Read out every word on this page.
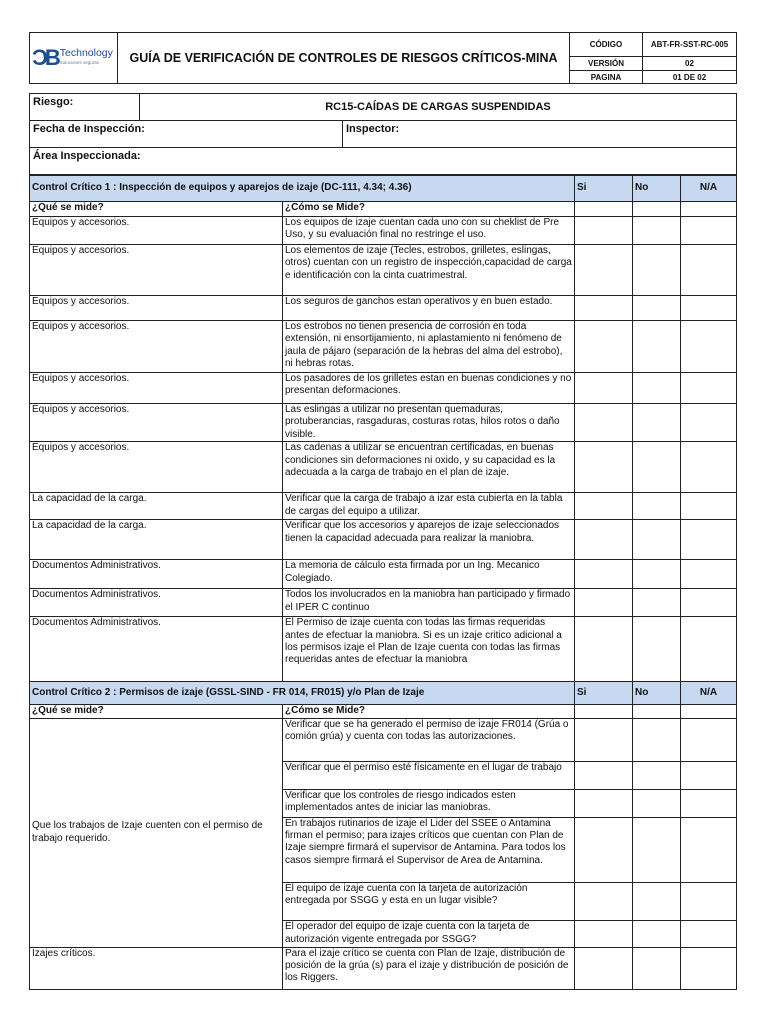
ƆB Technology
Soluciones seguras	GUÍA DE VERIFICACIÓN DE CONTROLES DE RIESGOS CRÍTICOS-MINA	CÓDIGO	ABT-FR-SST-RC-005
		VERSIÓN	02
		PAGINA	01 DE 02
Riesgo:	RC15-CAÍDAS DE CARGAS SUSPENDIDAS	
Fecha de Inspección:		Inspector:
Área Inspeccionada:		
Control Crítico 1 : Inspección de equipos y aparejos de izaje (DC-111, 4.34; 4.36)		Si	No	N/A
¿Qué se mide?	¿Cómo se Mide?			
Equipos y accesorios.	Los equipos de izaje cuentan cada uno con su cheklist de Pre Uso, y su evaluación final no restringe el uso.			
Equipos y accesorios.	Los elementos de izaje (Tecles, estrobos, grilletes, eslingas, otros) cuentan con un registro de inspección,capacidad de carga e identificación con la cinta cuatrimestral.			
Equipos y accesorios.	Los seguros de ganchos estan operativos y en buen estado.			
Equipos y accesorios.	Los estrobos no tienen presencia de corrosión en toda extensión, ni ensortijamiento, ni aplastamiento ni fenómeno de jaula de pájaro (separación de la hebras del alma del estrobo), ni hebras rotas.			
Equipos y accesorios.	Los pasadores de los grilletes estan en buenas condiciones y no presentan deformaciones.			
Equipos y accesorios.	Las eslingas a utilizar no presentan quemaduras, protuberancias, rasgaduras, costuras rotas, hilos rotos o daño visible.			
Equipos y accesorios.	Las cadenas a utilizar se encuentran certificadas, en buenas condiciones sin deformaciones ni oxido, y su capacidad es la adecuada a la carga de trabajo en el plan de izaje.			
La capacidad de la carga.	Verificar que la carga de trabajo a izar esta cubierta en la tabla de cargas del equipo a utilizar.			
La capacidad de la carga.	Verificar que los accesorios y aparejos de izaje seleccionados tienen la capacidad adecuada para realizar la maniobra.			
Documentos Administrativos.	La memoria de cálculo esta firmada por un Ing. Mecanico Colegiado.			
Documentos Administrativos.	Todos los involucrados en la maniobra han participado y firmado el IPER C continuo			
Documentos Administrativos.	El Permiso de izaje cuenta con todas las firmas requeridas antes de efectuar la maniobra. Si es un izaje critico adicional a los permisos izaje el Plan de Izaje cuenta con todas las firmas requeridas antes de efectuar la maniobra			
Control Crítico 2 : Permisos de izaje (GSSL-SIND - FR 014, FR015) y/o Plan de Izaje		Si	No	N/A
¿Qué se mide?	¿Cómo se Mide?			
Que los trabajos de Izaje cuenten con el permiso de trabajo requerido.	Verificar que se ha generado el permiso de izaje FR014 (Grúa o comión grúa) y cuenta con todas las autorizaciones.			
	Verificar que el permiso esté físicamente en el lugar de trabajo			
	Verificar que los controles de riesgo indicados esten implementados antes de iniciar las maniobras.			
	En trabajos rutinarios de izaje el Lider del SSEE o Antamina firman el permiso; para izajes críticos que cuentan con Plan de Izaje siempre firmará el supervisor de Antamina. Para todos los casos siempre firmará el Supervisor de Area de Antamina.			
	El equipo de izaje cuenta con la tarjeta de autorización entregada por SSGG y esta en un lugar visible?			
	El operador del equipo de izaje cuenta con la tarjeta de autorización vigente entregada por SSGG?			
Izajes críticos.	Para el izaje crítico se cuenta con Plan de Izaje, distribución de posición de la grúa (s) para el izaje y distribución de posición de los Riggers.			
